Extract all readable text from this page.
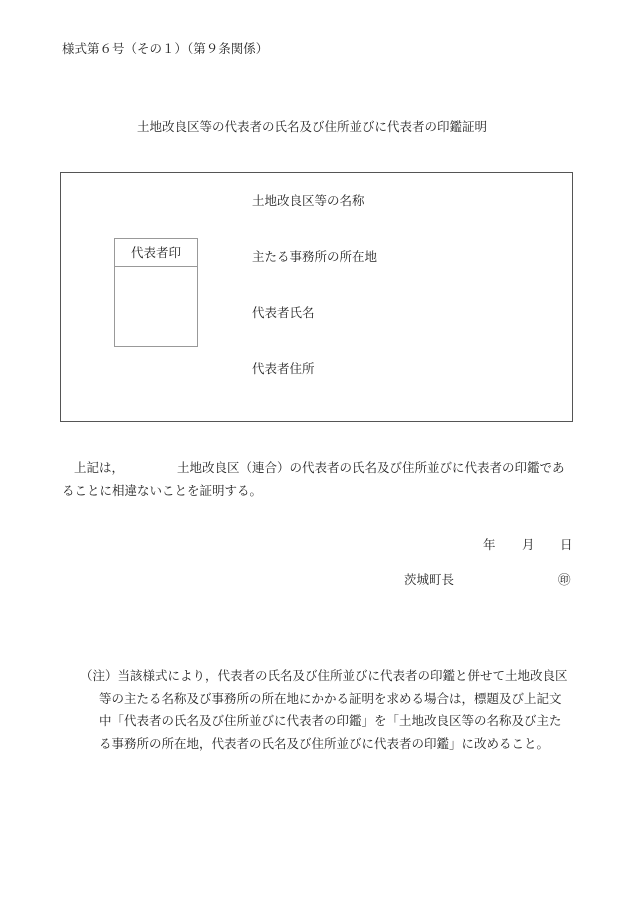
様式第６号（その１）（第９条関係）
土地改良区等の代表者の氏名及び住所並びに代表者の印鑑証明
代表者印
土地改良区等の名称
主たる事務所の所在地
代表者氏名
代表者住所
上記は，	土地改良区（連合）の代表者の氏名及び住所並びに代表者の印鑑であ
ることに相違ないことを証明する。
年 月 日
茨城町長	㊞
（注）当該様式により，代表者の氏名及び住所並びに代表者の印鑑と併せて土地改良区
等の主たる名称及び事務所の所在地にかかる証明を求める場合は，標題及び上記文
中「代表者の氏名及び住所並びに代表者の印鑑」を「土地改良区等の名称及び主た
る事務所の所在地，代表者の氏名及び住所並びに代表者の印鑑」に改めること。
